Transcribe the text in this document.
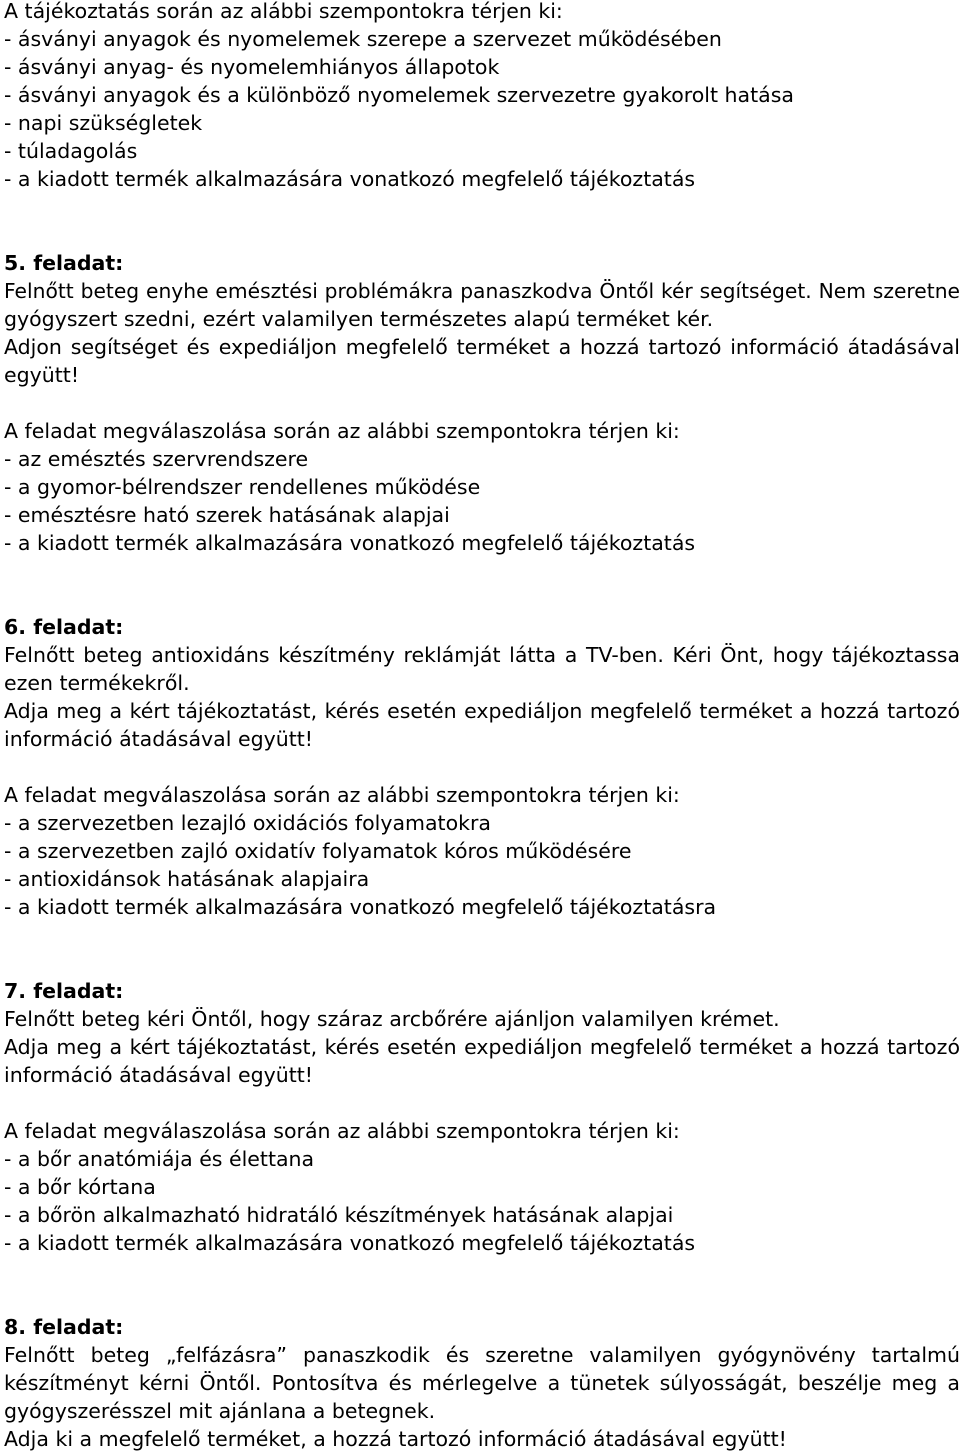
A tájékoztatás során az alábbi szempontokra térjen ki:
- ásványi anyagok és nyomelemek szerepe a szervezet működésében
- ásványi anyag- és nyomelemhiányos állapotok
- ásványi anyagok és a különböző nyomelemek szervezetre gyakorolt hatása
- napi szükségletek
- túladagolás
- a kiadott termék alkalmazására vonatkozó megfelelő tájékoztatás
5. feladat:
Felnőtt beteg enyhe emésztési problémákra panaszkodva Öntől kér segítséget. Nem szeretne
gyógyszert szedni, ezért valamilyen természetes alapú terméket kér.
Adjon segítséget és expediáljon megfelelő terméket a hozzá tartozó információ átadásával
együtt!
A feladat megválaszolása során az alábbi szempontokra térjen ki:
- az emésztés szervrendszere
- a gyomor-bélrendszer rendellenes működése
- emésztésre ható szerek hatásának alapjai
- a kiadott termék alkalmazására vonatkozó megfelelő tájékoztatás
6. feladat:
Felnőtt beteg antioxidáns készítmény reklámját látta a TV-ben. Kéri Önt, hogy tájékoztassa
ezen termékekről.
Adja meg a kért tájékoztatást, kérés esetén expediáljon megfelelő terméket a hozzá tartozó
információ átadásával együtt!
A feladat megválaszolása során az alábbi szempontokra térjen ki:
- a szervezetben lezajló oxidációs folyamatokra
- a szervezetben zajló oxidatív folyamatok kóros működésére
- antioxidánsok hatásának alapjaira
- a kiadott termék alkalmazására vonatkozó megfelelő tájékoztatásra
7. feladat:
Felnőtt beteg kéri Öntől, hogy száraz arcbőrére ajánljon valamilyen krémet.
Adja meg a kért tájékoztatást, kérés esetén expediáljon megfelelő terméket a hozzá tartozó
információ átadásával együtt!
A feladat megválaszolása során az alábbi szempontokra térjen ki:
- a bőr anatómiája és élettana
- a bőr kórtana
- a bőrön alkalmazható hidratáló készítmények hatásának alapjai
- a kiadott termék alkalmazására vonatkozó megfelelő tájékoztatás
8. feladat:
Felnőtt beteg „felfázásra” panaszkodik és szeretne valamilyen gyógynövény tartalmú
készítményt kérni Öntől. Pontosítva és mérlegelve a tünetek súlyosságát, beszélje meg a
gyógyszerésszel mit ajánlana a betegnek.
Adja ki a megfelelő terméket, a hozzá tartozó információ átadásával együtt!
